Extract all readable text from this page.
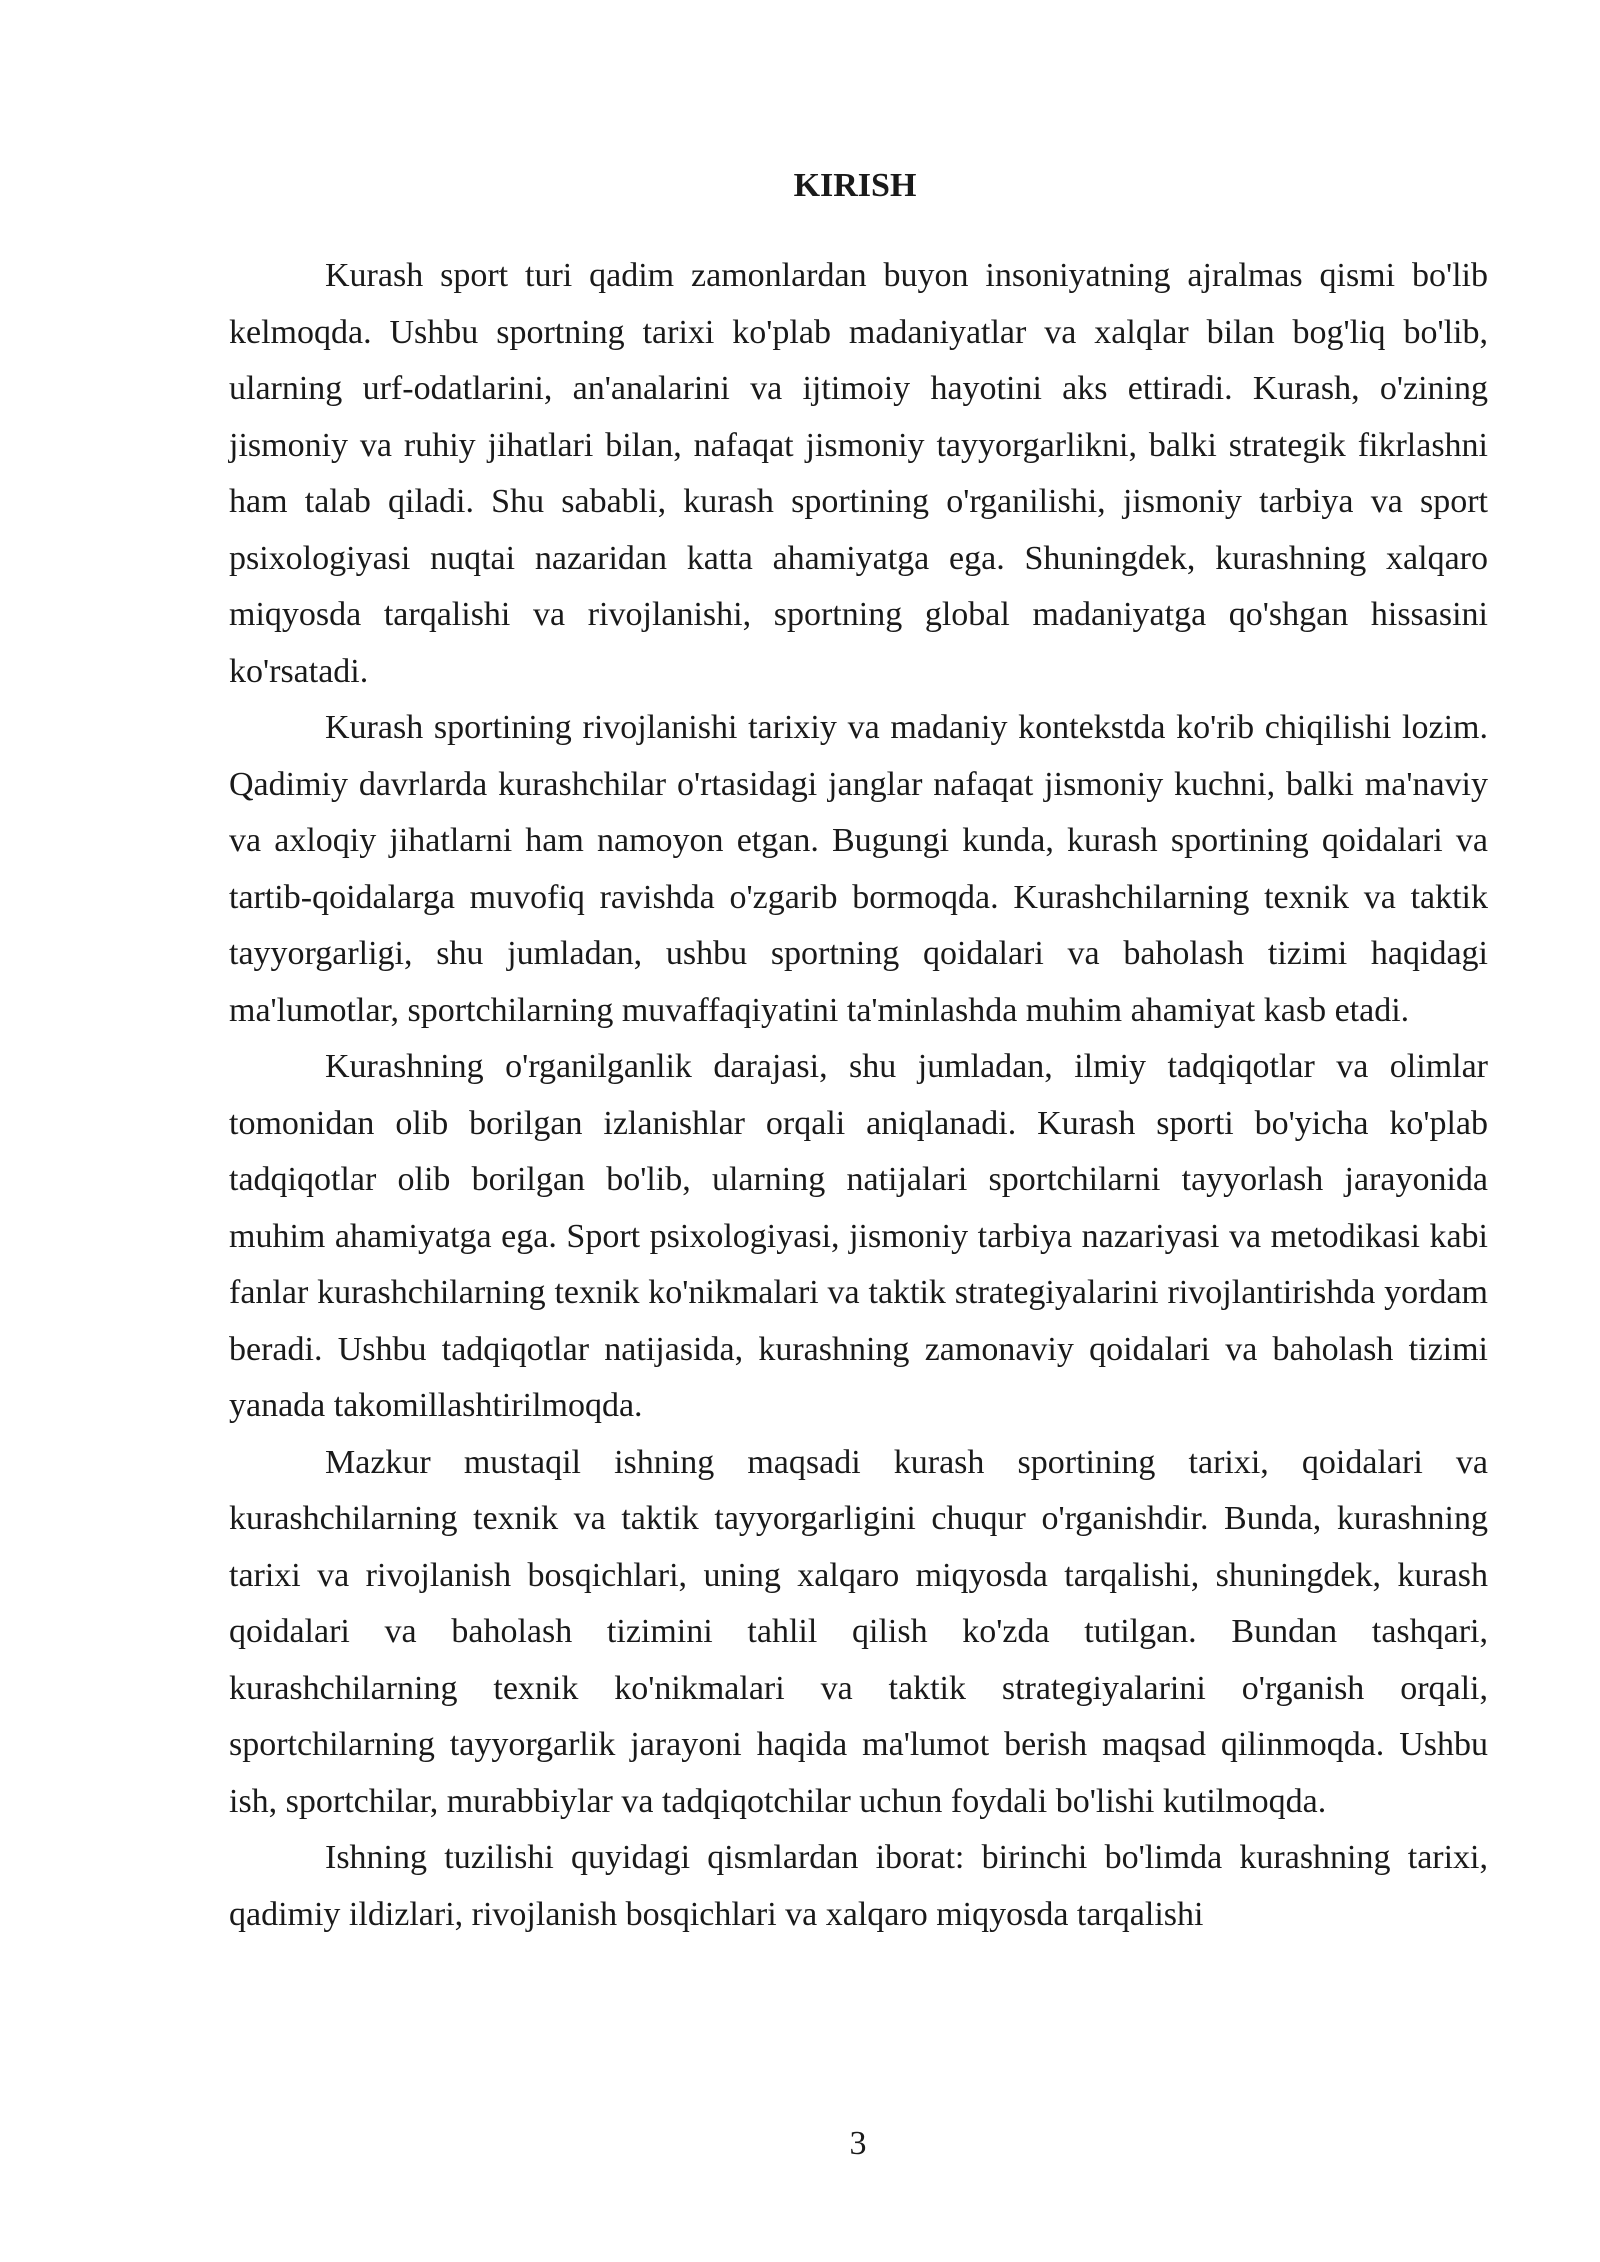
KIRISH

Kurash sport turi qadim zamonlardan buyon insoniyatning ajralmas qismi bo'lib kelmoqda. Ushbu sportning tarixi ko'plab madaniyatlar va xalqlar bilan bog'liq bo'lib, ularning urf-odatlarini, an'analarini va ijtimoiy hayotini aks ettiradi. Kurash, o'zining jismoniy va ruhiy jihatlari bilan, nafaqat jismoniy tayyorgarlikni, balki strategik fikrlashni ham talab qiladi. Shu sababli, kurash sportining o'rganilishi, jismoniy tarbiya va sport psixologiyasi nuqtai nazaridan katta ahamiyatga ega. Shuningdek, kurashning xalqaro miqyosda tarqalishi va rivojlanishi, sportning global madaniyatga qo'shgan hissasini ko'rsatadi.

Kurash sportining rivojlanishi tarixiy va madaniy kontekstda ko'rib chiqilishi lozim. Qadimiy davrlarda kurashchilar o'rtasidagi janglar nafaqat jismoniy kuchni, balki ma'naviy va axloqiy jihatlarni ham namoyon etgan. Bugungi kunda, kurash sportining qoidalari va tartib-qoidalarga muvofiq ravishda o'zgarib bormoqda. Kurashchilarning texnik va taktik tayyorgarligi, shu jumladan, ushbu sportning qoidalari va baholash tizimi haqidagi ma'lumotlar, sportchilarning muvaffaqiyatini ta'minlashda muhim ahamiyat kasb etadi.

Kurashning o'rganilganlik darajasi, shu jumladan, ilmiy tadqiqotlar va olimlar tomonidan olib borilgan izlanishlar orqali aniqlanadi. Kurash sporti bo'yicha ko'plab tadqiqotlar olib borilgan bo'lib, ularning natijalari sportchilarni tayyorlash jarayonida muhim ahamiyatga ega. Sport psixologiyasi, jismoniy tarbiya nazariyasi va metodikasi kabi fanlar kurashchilarning texnik ko'nikmalari va taktik strategiyalarini rivojlantirishda yordam beradi. Ushbu tadqiqotlar natijasida, kurashning zamonaviy qoidalari va baholash tizimi yanada takomillashtirilmoqda.

Mazkur mustaqil ishning maqsadi kurash sportining tarixi, qoidalari va kurashchilarning texnik va taktik tayyorgarligini chuqur o'rganishdir. Bunda, kurashning tarixi va rivojlanish bosqichlari, uning xalqaro miqyosda tarqalishi, shuningdek, kurash qoidalari va baholash tizimini tahlil qilish ko'zda tutilgan. Bundan tashqari, kurashchilarning texnik ko'nikmalari va taktik strategiyalarini o'rganish orqali, sportchilarning tayyorgarlik jarayoni haqida ma'lumot berish maqsad qilinmoqda. Ushbu ish, sportchilar, murabbiylar va tadqiqotchilar uchun foydali bo'lishi kutilmoqda.

Ishning tuzilishi quyidagi qismlardan iborat: birinchi bo'limda kurashning tarixi, qadimiy ildizlari, rivojlanish bosqichlari va xalqaro miqyosda tarqalishi

3
